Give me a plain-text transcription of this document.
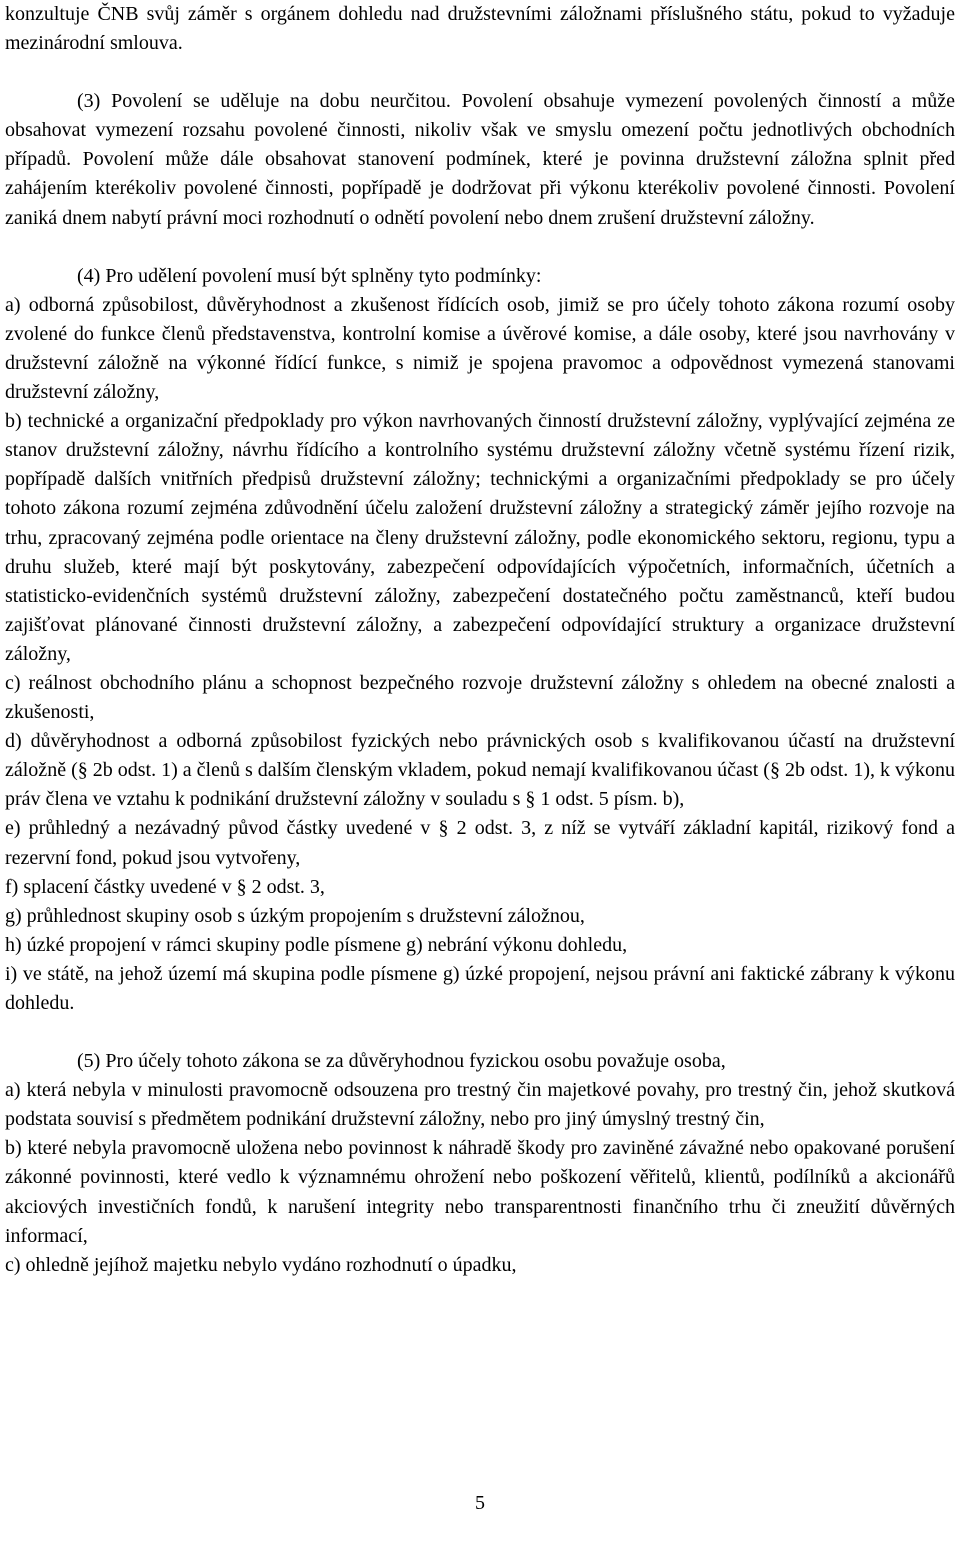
konzultuje ČNB svůj záměr s orgánem dohledu nad družstevními záložnami příslušného státu, pokud to vyžaduje mezinárodní smlouva.

(3) Povolení se uděluje na dobu neurčitou. Povolení obsahuje vymezení povolených činností a může obsahovat vymezení rozsahu povolené činnosti, nikoliv však ve smyslu omezení počtu jednotlivých obchodních případů. Povolení může dále obsahovat stanovení podmínek, které je povinna družstevní záložna splnit před zahájením kterékoliv povolené činnosti, popřípadě je dodržovat při výkonu kterékoliv povolené činnosti. Povolení zaniká dnem nabytí právní moci rozhodnutí o odnětí povolení nebo dnem zrušení družstevní záložny.

(4) Pro udělení povolení musí být splněny tyto podmínky:

a) odborná způsobilost, důvěryhodnost a zkušenost řídících osob, jimiž se pro účely tohoto zákona rozumí osoby zvolené do funkce členů představenstva, kontrolní komise a úvěrové komise, a dále osoby, které jsou navrhovány v družstevní záložně na výkonné řídící funkce, s nimiž je spojena pravomoc a odpovědnost vymezená stanovami družstevní záložny,

b) technické a organizační předpoklady pro výkon navrhovaných činností družstevní záložny, vyplývající zejména ze stanov družstevní záložny, návrhu řídícího a kontrolního systému družstevní záložny včetně systému řízení rizik, popřípadě dalších vnitřních předpisů družstevní záložny; technickými a organizačními předpoklady se pro účely tohoto zákona rozumí zejména zdůvodnění účelu založení družstevní záložny a strategický záměr jejího rozvoje na trhu, zpracovaný zejména podle orientace na členy družstevní záložny, podle ekonomického sektoru, regionu, typu a druhu služeb, které mají být poskytovány, zabezpečení odpovídajících výpočetních, informačních, účetních a statisticko-evidenčních systémů družstevní záložny, zabezpečení dostatečného počtu zaměstnanců, kteří budou zajišťovat plánované činnosti družstevní záložny, a zabezpečení odpovídající struktury a organizace družstevní záložny,

c) reálnost obchodního plánu a schopnost bezpečného rozvoje družstevní záložny s ohledem na obecné znalosti a zkušenosti,

d) důvěryhodnost a odborná způsobilost fyzických nebo právnických osob s kvalifikovanou účastí na družstevní záložně (§ 2b odst. 1) a členů s dalším členským vkladem, pokud nemají kvalifikovanou účast (§ 2b odst. 1), k výkonu práv člena ve vztahu k podnikání družstevní záložny v souladu s § 1 odst. 5 písm. b),

e) průhledný a nezávadný původ částky uvedené v § 2 odst. 3, z níž se vytváří základní kapitál, rizikový fond a rezervní fond, pokud jsou vytvořeny,

f) splacení částky uvedené v § 2 odst. 3,

g) průhlednost skupiny osob s úzkým propojením s družstevní záložnou,

h) úzké propojení v rámci skupiny podle písmene g) nebrání výkonu dohledu,

i) ve státě, na jehož území má skupina podle písmene g) úzké propojení, nejsou právní ani faktické zábrany k výkonu dohledu.

(5) Pro účely tohoto zákona se za důvěryhodnou fyzickou osobu považuje osoba,

a) která nebyla v minulosti pravomocně odsouzena pro trestný čin majetkové povahy, pro trestný čin, jehož skutková podstata souvisí s předmětem podnikání družstevní záložny, nebo pro jiný úmyslný trestný čin,

b) které nebyla pravomocně uložena nebo povinnost k náhradě škody pro zaviněné závažné nebo opakované porušení zákonné povinnosti, které vedlo k významnému ohrožení nebo poškození věřitelů, klientů, podílníků a akcionářů akciových investičních fondů, k narušení integrity nebo transparentnosti finančního trhu či zneužití důvěrných informací,

c) ohledně jejíhož majetku nebylo vydáno rozhodnutí o úpadku,

5
